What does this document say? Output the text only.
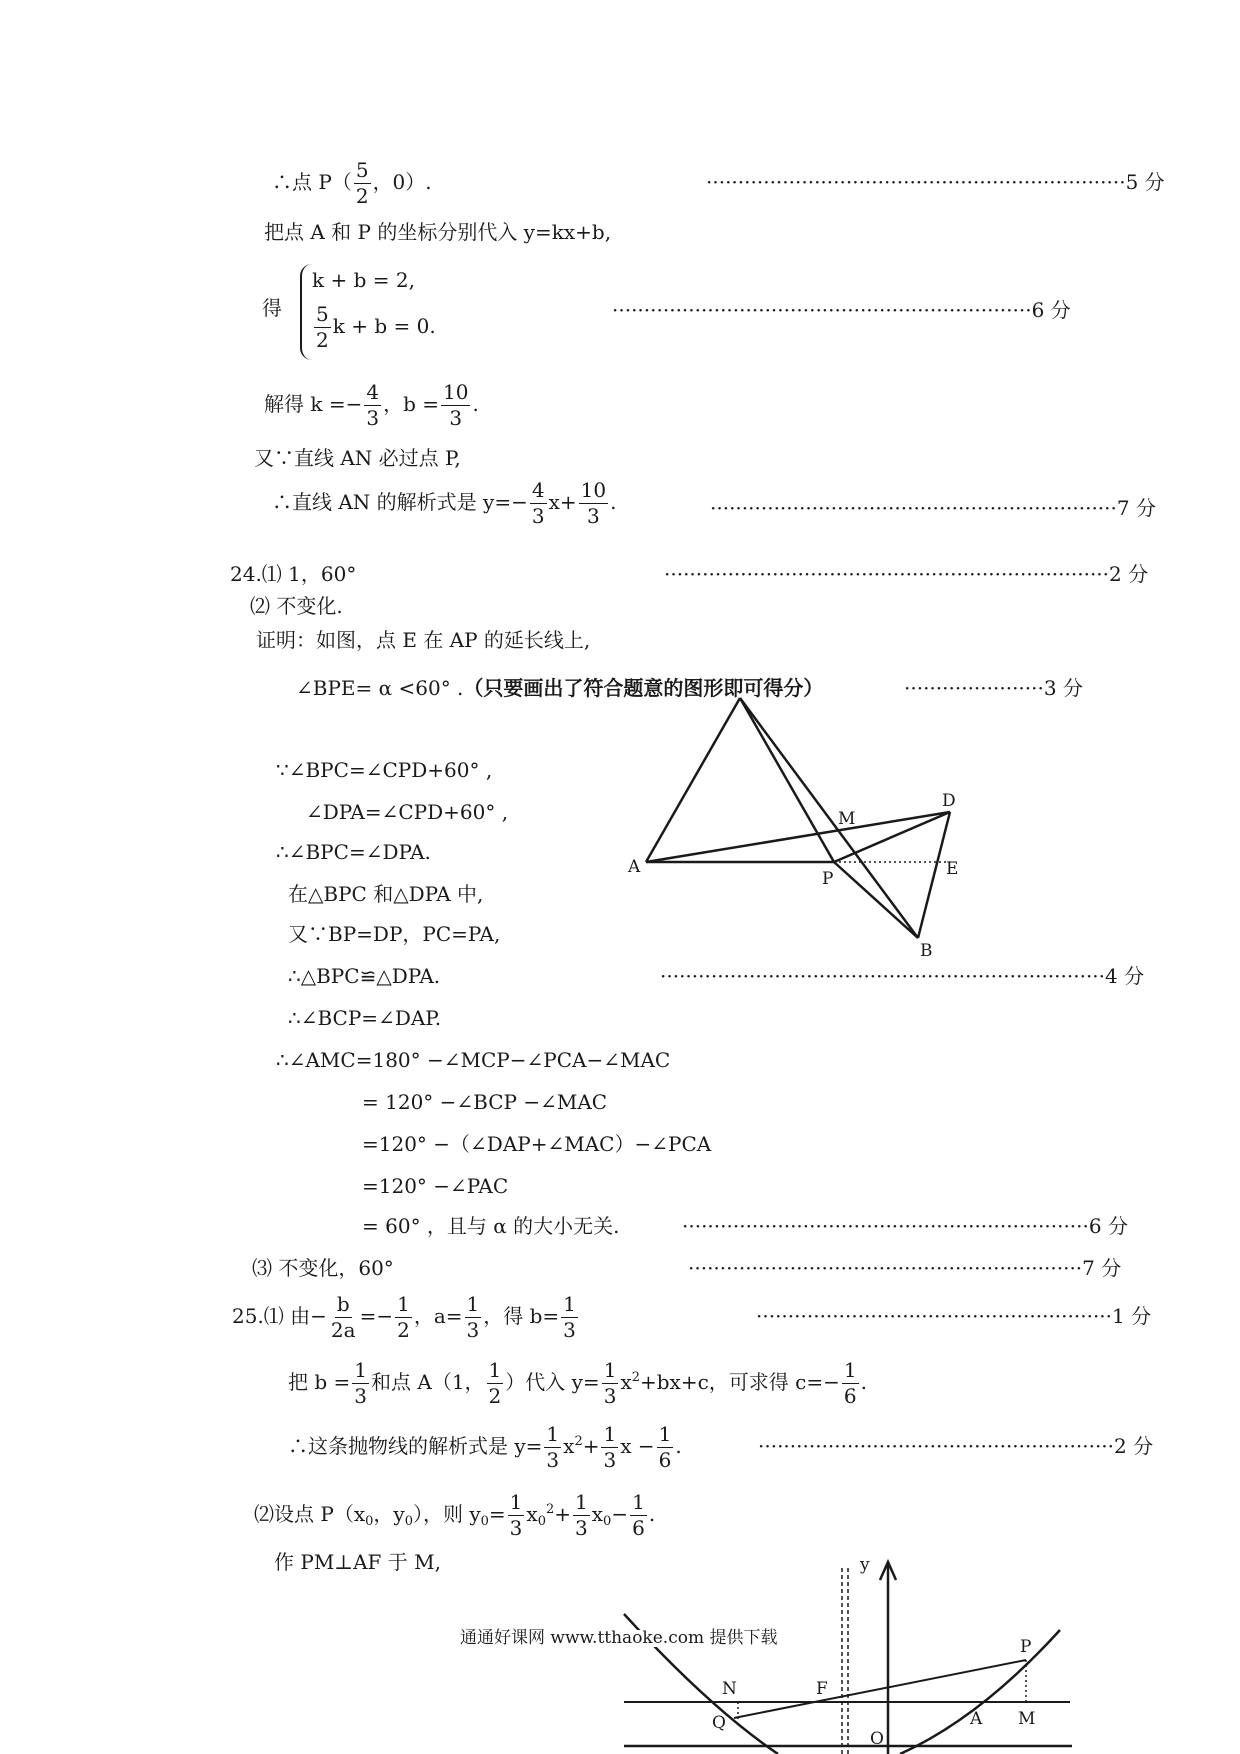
∴点 $P( \frac{5}{2}$ ，0）.	··································································5 分
把点 A 和 P 的坐标分别代入 y=kx+b,
得
k + b = 2,
$\frac{5}{2}$ k + b = 0.
··································································6 分
解得 $k =- \frac{4}{3}$ ，$b = \frac{10}{3}$ .
又∵直线 AN 必过点 P,
∴直线 AN 的解析式是 $y=- \frac{4}{3} x+ \frac{10}{3}$ .	································································7 分
24.⑴ 1，60°	······································································2 分
⑵ 不变化.
证明：如图，点 E 在 AP 的延长线上,
∠BPE= α <60° .（只要画出了符合题意的图形即可得分）	······················3 分
∵∠BPC=∠CPD+60° ,
∠DPA=∠CPD+60° ,
∴∠BPC=∠DPA.
在△BPC 和△DPA 中,
又∵BP=DP，PC=PA,
∴△BPC≌△DPA.	······································································4 分
∴∠BCP=∠DAP.
∴∠AMC=180° −∠MCP−∠PCA−∠MAC
= 120° −∠BCP −∠MAC
=120° −（∠DAP+∠MAC）−∠PCA
=120° −∠PAC
= 60° ，且与 α 的大小无关.	································································6 分
⑶ 不变化，60°	······························································7 分
M
D
A
P	E
B
25.⑴ 由− $\frac{b}{2a} =- \frac{1}{2}$ ，$a= \frac{1}{3}$ ，得 $b= \frac{1}{3}$	························································1 分
把 $b = \frac{1}{3}$ 和点 A（1， $\frac{1}{2}$ ）代入 $y= \frac{1}{3} x^2+bx+c$，可求得 $c=- \frac{1}{6}$ .
∴这条抛物线的解析式是 $y= \frac{1}{3} x^2+ \frac{1}{3}$ $x - \frac{1}{6}$ .	························································2 分
⑵设点 $P(x_0$，$y_0$），则 $y_0= \frac{1}{3} x_0^2+ \frac{1}{3} x_0- \frac{1}{6}$ .
作 PM⊥AF 于 M,	y
P
N	F
A M
Q
O
通通好课网 www.tthaoke.com 提供下载
